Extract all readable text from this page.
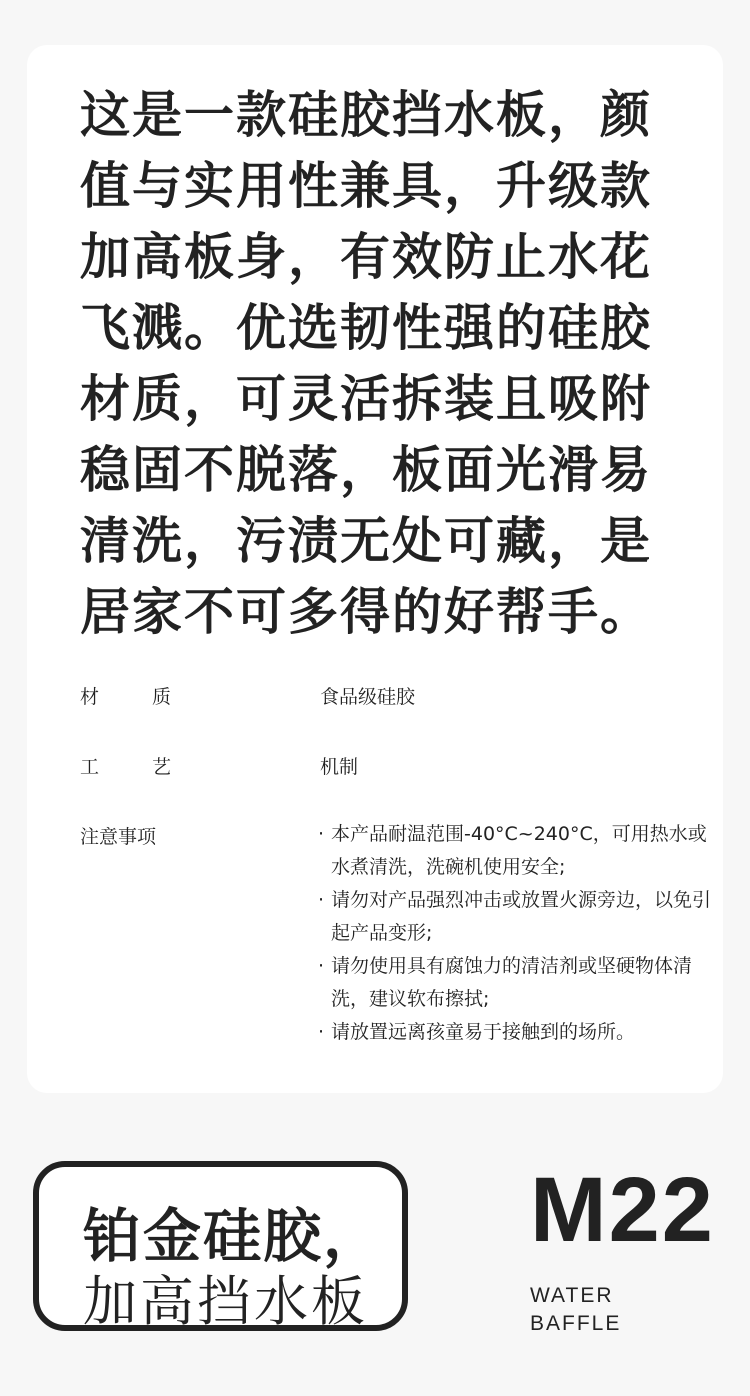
这是一款硅胶挡水板，颜值与实用性兼具，升级款加高板身，有效防止水花飞溅。优选韧性强的硅胶材质，可灵活拆装且吸附稳固不脱落，板面光滑易清洗，污渍无处可藏，是居家不可多得的好帮手。
材	质	食品级硅胶
工	艺	机制
注意事项	· 本产品耐温范围-40°C~240°C，可用热水或水煮清洗，洗碗机使用安全;

· 请勿对产品强烈冲击或放置火源旁边，以免引起产品变形;

· 请勿使用具有腐蚀力的清洁剂或坚硬物体清洗，建议软布擦拭;

· 请放置远离孩童易于接触到的场所。

铂金硅胶，
加高挡水板
M22
WATER
BAFFLE
